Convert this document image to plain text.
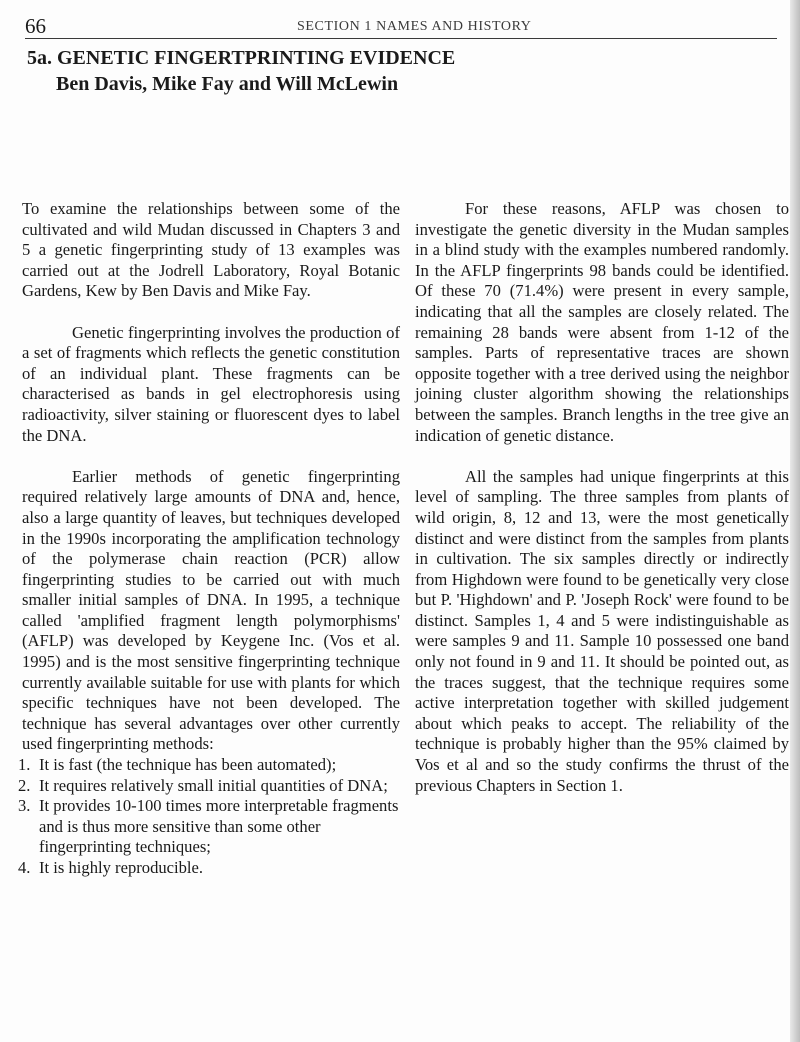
66	SECTION 1 NAMES AND HISTORY
5a. GENETIC FINGERTPRINTING EVIDENCE
Ben Davis, Mike Fay and Will McLewin

To examine the relationships between some of the cultivated and wild Mudan discussed in Chapters 3 and 5 a genetic fingerprinting study of 13 examples was carried out at the Jodrell Laboratory, Royal Botanic Gardens, Kew by Ben Davis and Mike Fay.

Genetic fingerprinting involves the production of a set of fragments which reflects the genetic constitution of an individual plant. These fragments can be characterised as bands in gel electrophoresis using radioactivity, silver staining or fluorescent dyes to label the DNA.

Earlier methods of genetic fingerprinting required relatively large amounts of DNA and, hence, also a large quantity of leaves, but techniques developed in the 1990s incorporating the amplification technology of the polymerase chain reaction (PCR) allow fingerprinting studies to be carried out with much smaller initial samples of DNA. In 1995, a technique called 'amplified fragment length polymorphisms' (AFLP) was developed by Keygene Inc. (Vos et al. 1995) and is the most sensitive fingerprinting technique currently available suitable for use with plants for which specific techniques have not been developed. The technique has several advantages over other currently used fingerprinting methods:

1. It is fast (the technique has been automated);
2. It requires relatively small initial quantities of DNA;
3. It provides 10-100 times more interpretable fragments and is thus more sensitive than some other fingerprinting techniques;
4. It is highly reproducible.

For these reasons, AFLP was chosen to investigate the genetic diversity in the Mudan samples in a blind study with the examples numbered randomly. In the AFLP fingerprints 98 bands could be identified. Of these 70 (71.4%) were present in every sample, indicating that all the samples are closely related. The remaining 28 bands were absent from 1-12 of the samples. Parts of representative traces are shown opposite together with a tree derived using the neighbor joining cluster algorithm showing the relationships between the samples. Branch lengths in the tree give an indication of genetic distance.

All the samples had unique fingerprints at this level of sampling. The three samples from plants of wild origin, 8, 12 and 13, were the most genetically distinct and were distinct from the samples from plants in cultivation. The six samples directly or indirectly from Highdown were found to be genetically very close but P. 'Highdown' and P. 'Joseph Rock' were found to be distinct. Samples 1, 4 and 5 were indistinguishable as were samples 9 and 11. Sample 10 possessed one band only not found in 9 and 11. It should be pointed out, as the traces suggest, that the technique requires some active interpretation together with skilled judgement about which peaks to accept. The reliability of the technique is probably higher than the 95% claimed by Vos et al and so the study confirms the thrust of the previous Chapters in Section 1.
